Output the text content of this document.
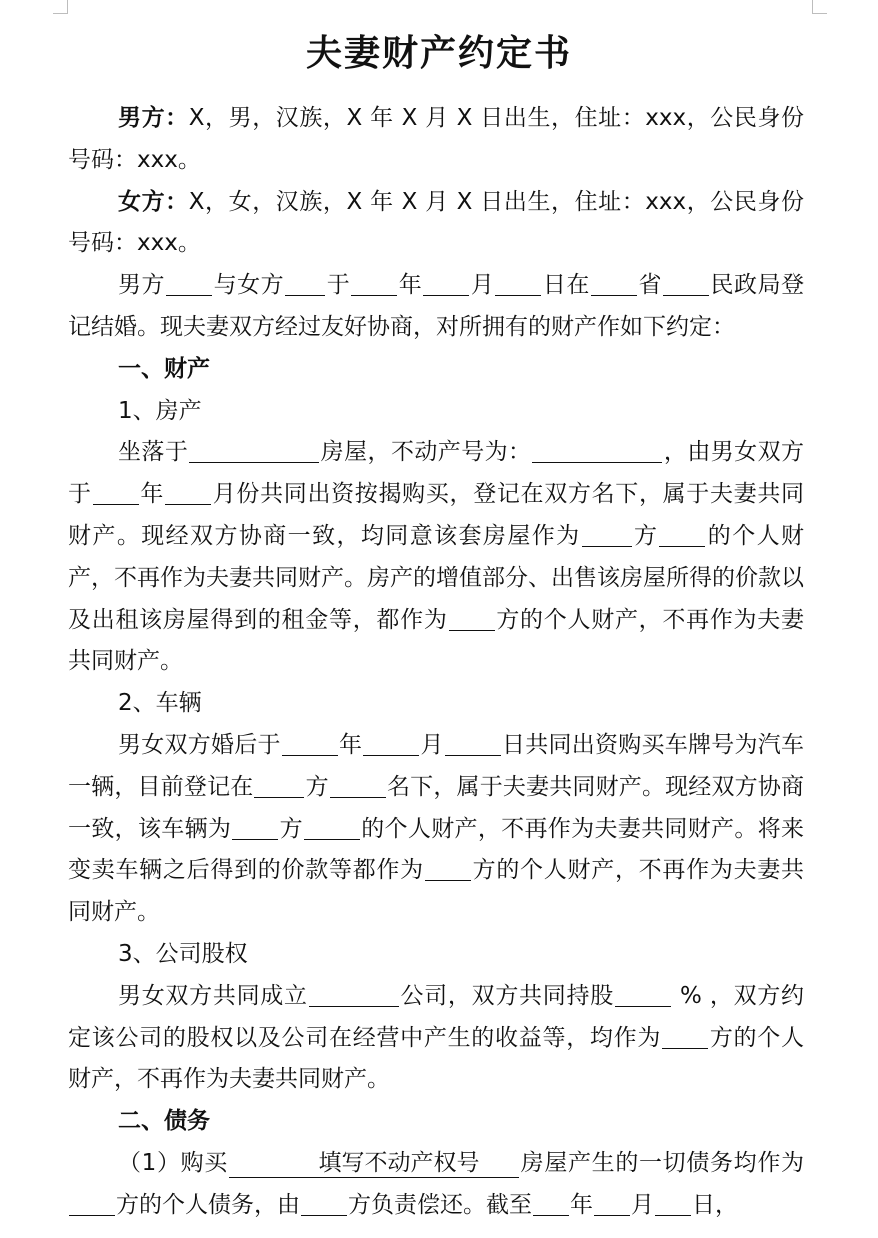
夫妻财产约定书

男方：X，男，汉族，X 年 X 月 X 日出生，住址：xxx，公民身份号码：xxx。

女方：X，女，汉族，X 年 X 月 X 日出生，住址：xxx，公民身份号码：xxx。

男方 与女方 于 年 月 日在 省 民政局登记结婚。现夫妻双方经过友好协商，对所拥有的财产作如下约定：

一、财产

1、房产

坐落于	房屋，不动产号为：	，由男女双方于 年 月份共同出资按揭购买，登记在双方名下，属于夫妻共同财产。现经双方协商一致，均同意该套房屋作为 方 的个人财产，不再作为夫妻共同财产。房产的增值部分、出售该房屋所得的价款以及出租该房屋得到的租金等，都作为 方的个人财产，不再作为夫妻共同财产。

2、车辆

男女双方婚后于	年	月	日共同出资购买车牌号为汽车一辆，目前登记在 方	名下，属于夫妻共同财产。现经双方协商一致，该车辆为 方	的个人财产，不再作为夫妻共同财产。将来变卖车辆之后得到的价款等都作为 方的个人财产，不再作为夫妻共同财产。

3、公司股权

男女双方共同成立	公司，双方共同持股	% ，双方约定该公司的股权以及公司在经营中产生的收益等，均作为 方的个人财产，不再作为夫妻共同财产。

二、债务

（1）购买	填写不动产权号 房屋产生的一切债务均作为方的个人债务，由 方负责偿还。截至 年 月 日，
